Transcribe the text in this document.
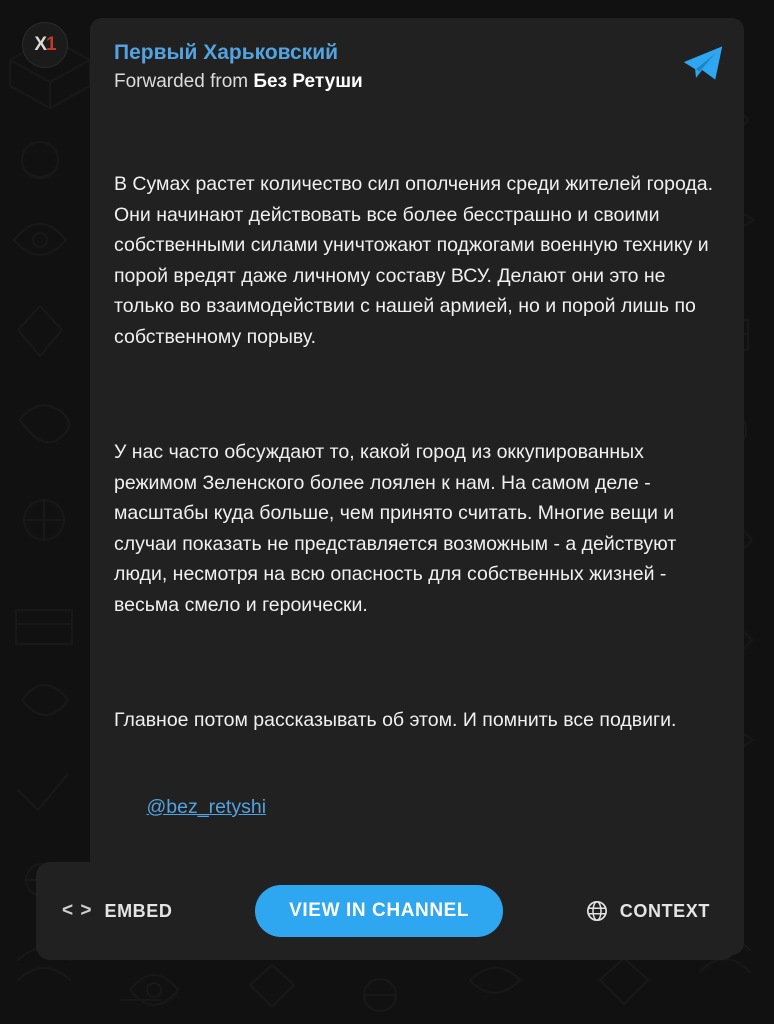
X 1	Первый Харьковский
Forwarded from Без Ретуши

В Сумах растет количество сил ополчения среди жителей города. Они начинают действовать все более бесстрашно и своими собственными силами уничтожают поджогами военную технику и порой вредят даже личному составу ВСУ. Делают они это не только во взаимодействии с нашей армией, но и порой лишь по собственному порыву.

У нас часто обсуждают то, какой город из оккупированных режимом Зеленского более лоялен к нам. На самом деле - масштабы куда больше, чем принято считать. Многие вещи и случаи показать не представляется возможным - а действуют люди, несмотря на всю опасность для собственных жизней - весьма смело и героически.

Главное потом рассказывать об этом. И помнить все подвиги.

@bez_retyshi

< > EMBED	VIEW IN CHANNEL	CONTEXT
